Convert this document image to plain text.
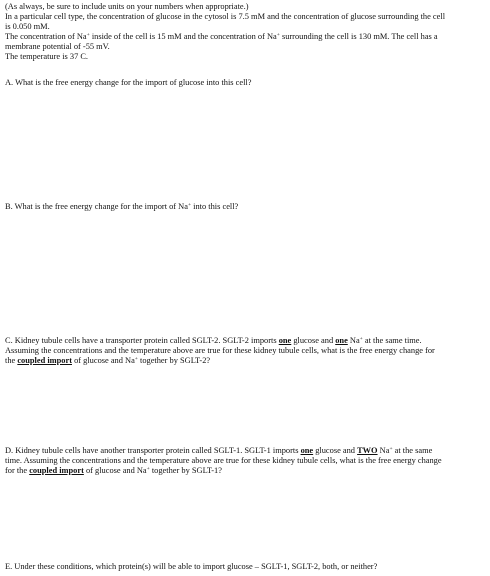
(As always, be sure to include units on your numbers when appropriate.)
In a particular cell type, the concentration of glucose in the cytosol is 7.5 mM and the concentration of glucose surrounding the cell
is 0.050 mM.
The concentration of Na+ inside of the cell is 15 mM and the concentration of Na+ surrounding the cell is 130 mM. The cell has a
membrane potential of -55 mV.
The temperature is 37 C.
A. What is the free energy change for the import of glucose into this cell?
B. What is the free energy change for the import of Na+ into this cell?
C. Kidney tubule cells have a transporter protein called SGLT-2. SGLT-2 imports one glucose and one Na+ at the same time.
Assuming the concentrations and the temperature above are true for these kidney tubule cells, what is the free energy change for
the coupled import of glucose and Na+ together by SGLT-2?
D. Kidney tubule cells have another transporter protein called SGLT-1. SGLT-1 imports one glucose and TWO Na+ at the same
time. Assuming the concentrations and the temperature above are true for these kidney tubule cells, what is the free energy change
for the coupled import of glucose and Na+ together by SGLT-1?
E. Under these conditions, which protein(s) will be able to import glucose – SGLT-1, SGLT-2, both, or neither?
